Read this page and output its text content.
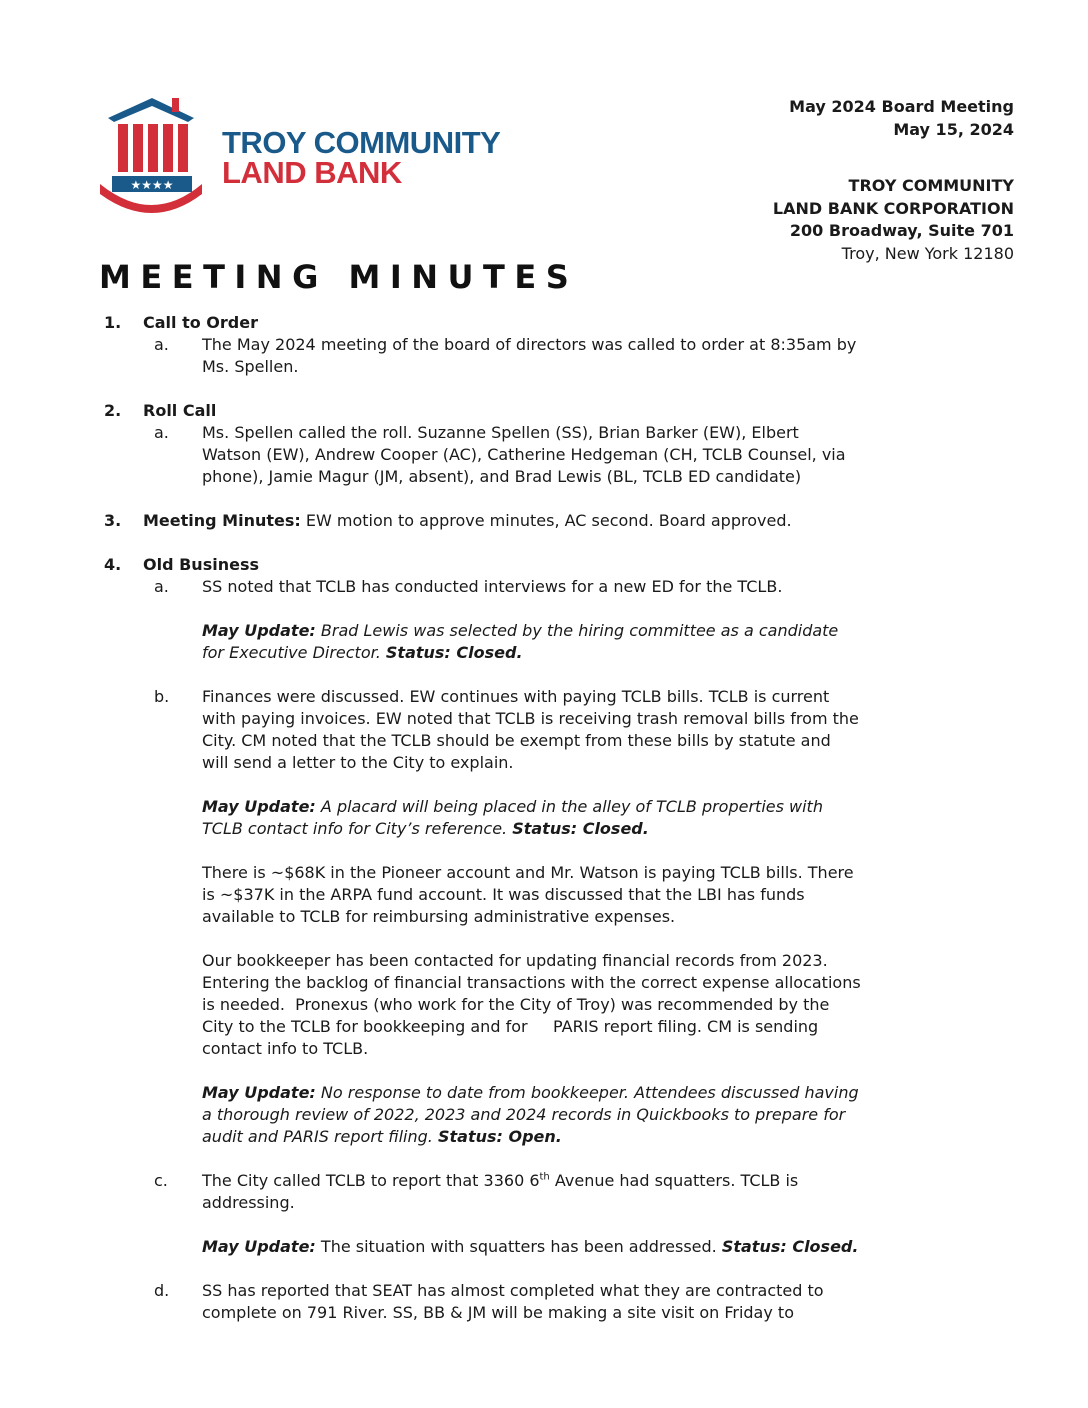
★★★★
TROY COMMUNITY
LAND BANK
May 2024 Board Meeting
May 15, 2024
TROY COMMUNITY
LAND BANK CORPORATION
200 Broadway, Suite 701
Troy, New York 12180
MEETING MINUTES
1. Call to Order
a. The May 2024 meeting of the board of directors was called to order at 8:35am by Ms. Spellen.
2. Roll Call
a. Ms. Spellen called the roll. Suzanne Spellen (SS), Brian Barker (EW), Elbert Watson (EW), Andrew Cooper (AC), Catherine Hedgeman (CH, TCLB Counsel, via phone), Jamie Magur (JM, absent), and Brad Lewis (BL, TCLB ED candidate)
3. Meeting Minutes: EW motion to approve minutes, AC second. Board approved.
4. Old Business
a. SS noted that TCLB has conducted interviews for a new ED for the TCLB.

May Update: Brad Lewis was selected by the hiring committee as a candidate for Executive Director. Status: Closed.

b. Finances were discussed. EW continues with paying TCLB bills. TCLB is current with paying invoices. EW noted that TCLB is receiving trash removal bills from the City. CM noted that the TCLB should be exempt from these bills by statute and will send a letter to the City to explain.

May Update: A placard will being placed in the alley of TCLB properties with TCLB contact info for City’s reference. Status: Closed.

There is ~$68K in the Pioneer account and Mr. Watson is paying TCLB bills. There is ~$37K in the ARPA fund account. It was discussed that the LBI has funds available to TCLB for reimbursing administrative expenses.

Our bookkeeper has been contacted for updating financial records from 2023. Entering the backlog of financial transactions with the correct expense allocations is needed.  Pronexus (who work for the City of Troy) was recommended by the City to the TCLB for bookkeeping and for     PARIS report filing. CM is sending contact info to TCLB.

May Update: No response to date from bookkeeper. Attendees discussed having a thorough review of 2022, 2023 and 2024 records in Quickbooks to prepare for audit and PARIS report filing. Status: Open.

c. The City called TCLB to report that 3360 6th Avenue had squatters. TCLB is addressing.

May Update: The situation with squatters has been addressed. Status: Closed.

d. SS has reported that SEAT has almost completed what they are contracted to complete on 791 River. SS, BB & JM will be making a site visit on Friday to
